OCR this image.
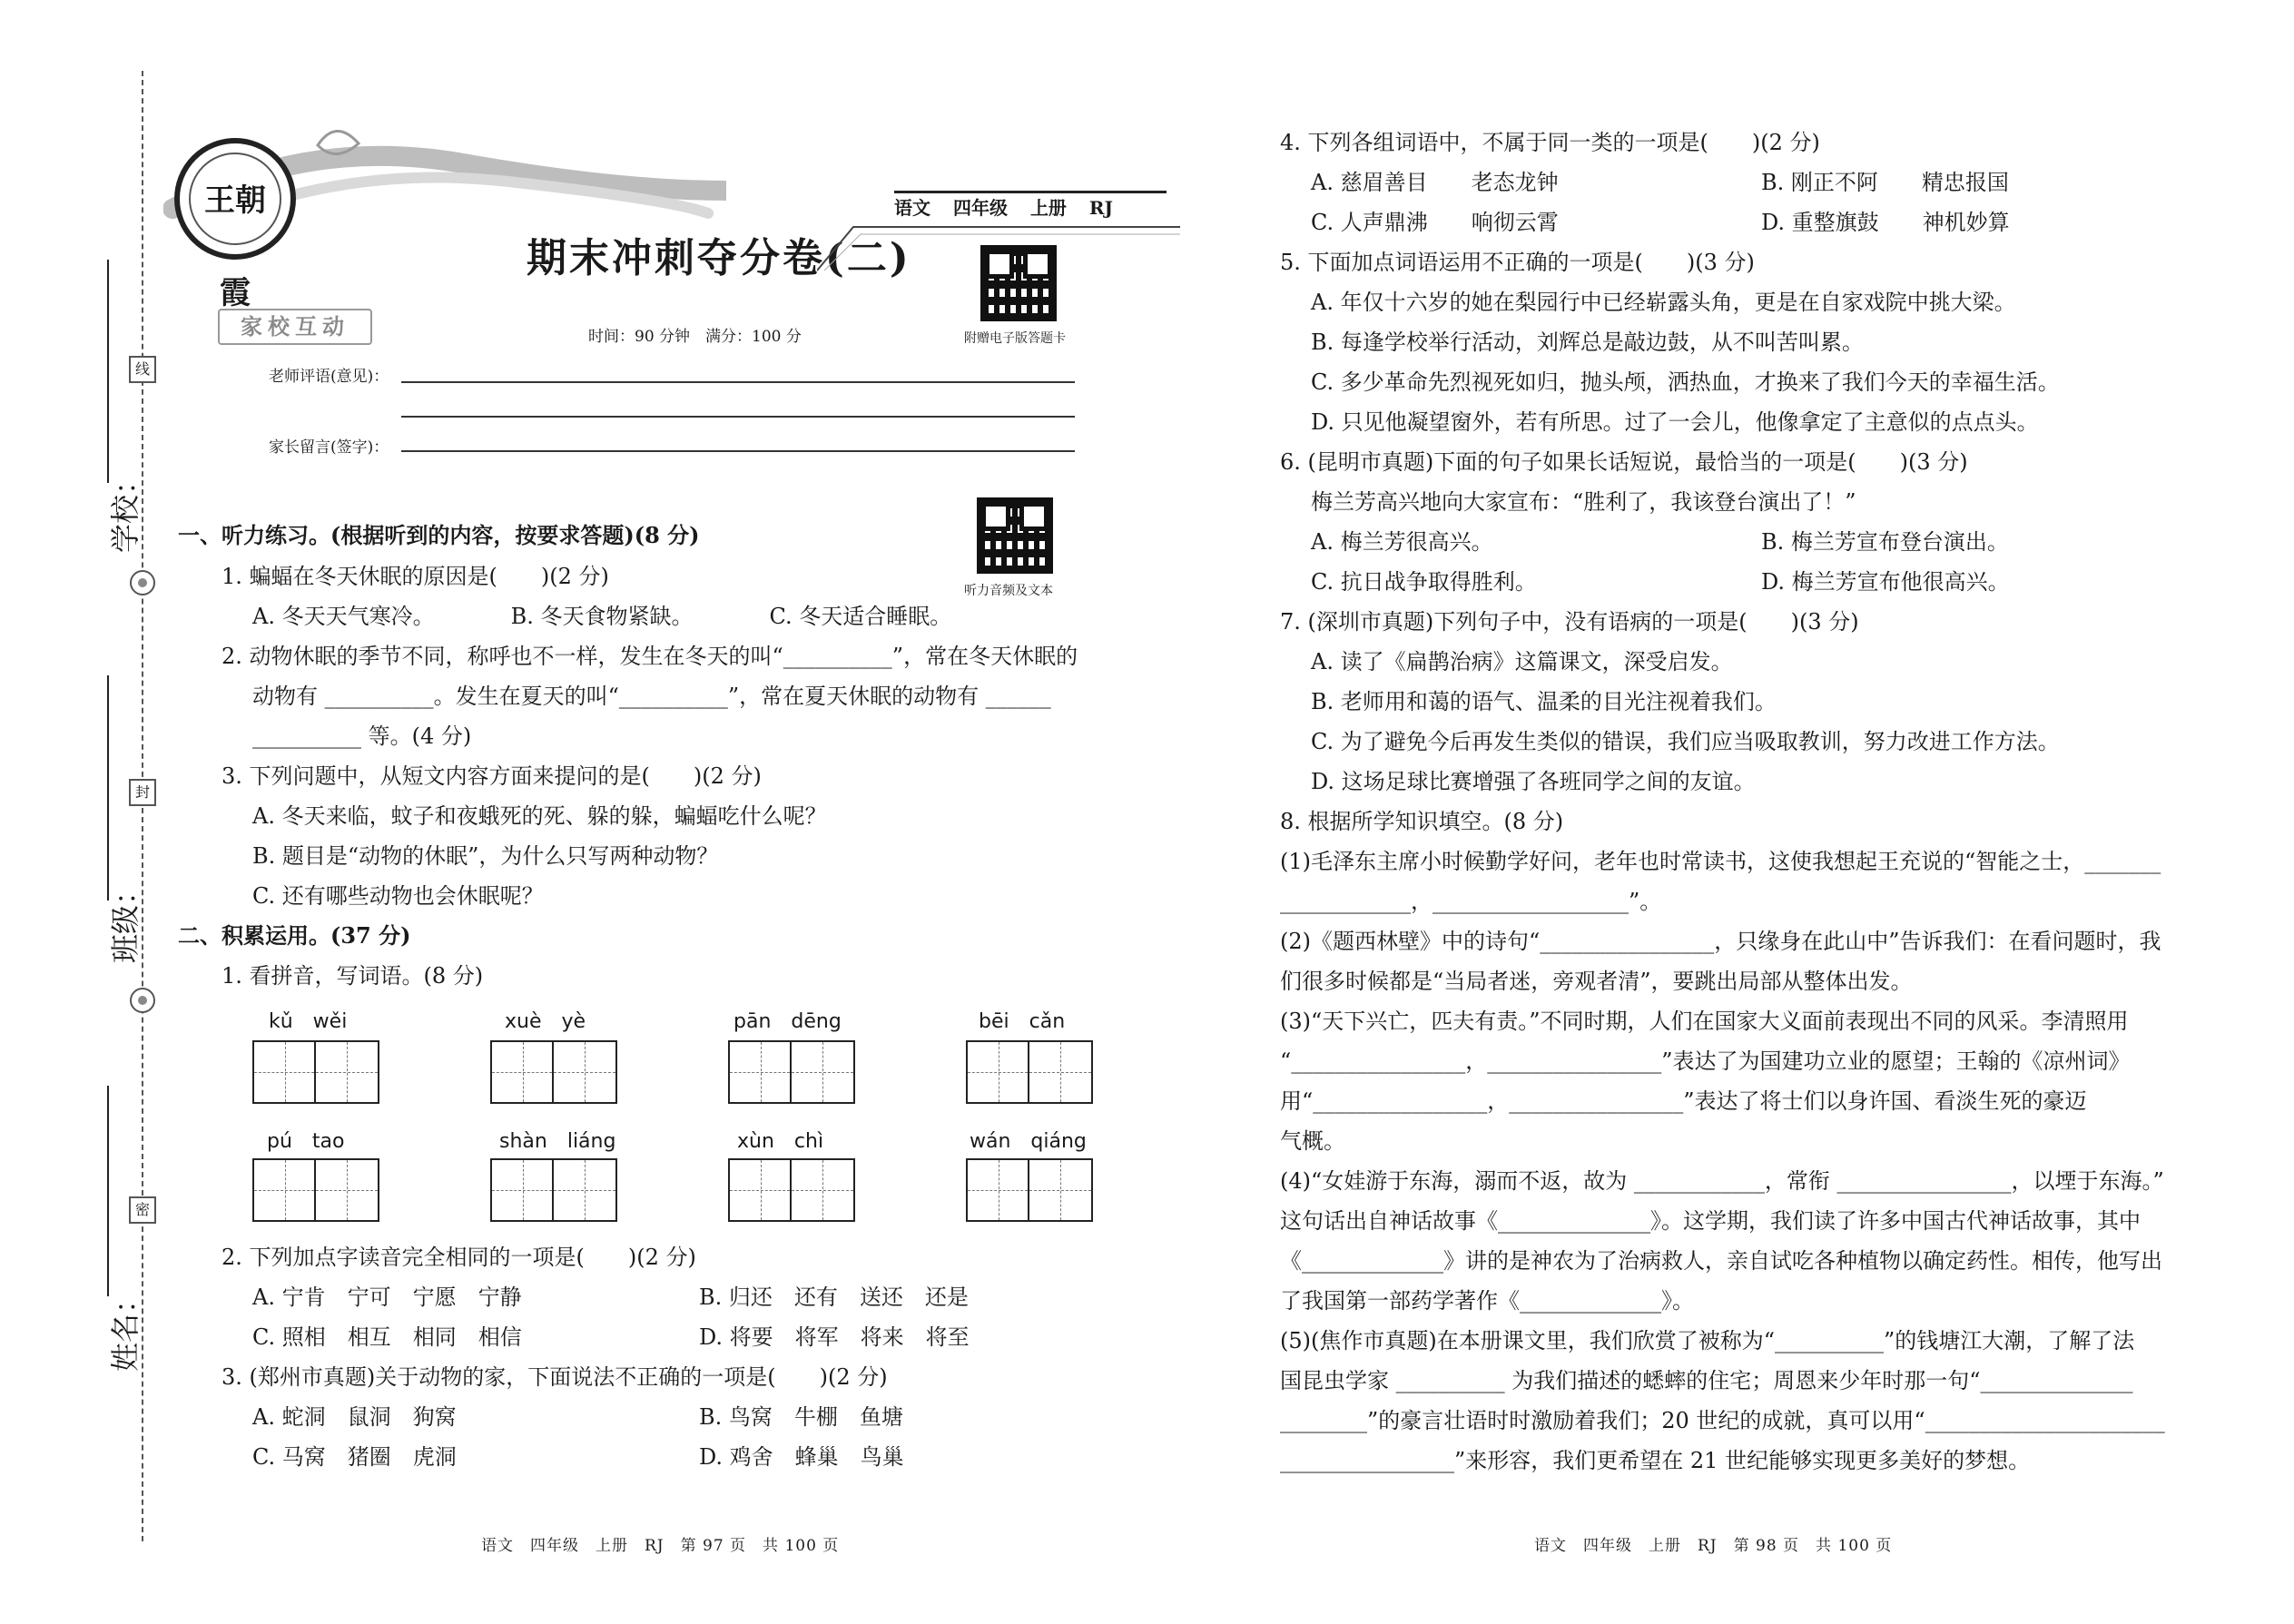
线
封
密
学校：
班级：
姓名：
王朝霞
语文 四年级 上册 RJ
期末冲刺夺分卷(二)
附赠电子版答题卡
听力音频及文本
家校互动	时间：90 分钟　满分：100 分
老师评语(意见)：
家长留言(签字)：
一、听力练习。(根据听到的内容，按要求答题)(8 分)
1. 蝙蝠在冬天休眠的原因是(　　)(2 分)
A. 冬天天气寒冷。　　　　B. 冬天食物紧缺。　　　　C. 冬天适合睡眠。
2. 动物休眠的季节不同，称呼也不一样，发生在冬天的叫“__________”，常在冬天休眠的
动物有 __________。发生在夏天的叫“__________”，常在夏天休眠的动物有 ______
__________ 等。(4 分)
3. 下列问题中，从短文内容方面来提问的是(　　)(2 分)
A. 冬天来临，蚊子和夜蛾死的死、躲的躲，蝙蝠吃什么呢？
B. 题目是“动物的休眠”，为什么只写两种动物？
C. 还有哪些动物也会休眠呢？
二、积累运用。(37 分)
1. 看拼音，写词语。(8 分)
kǔ　wěi	xuè　yè	pān　dēng	bēi　cǎn
pú　tao	shàn　liáng	xùn　chì	wán　qiáng
2. 下列加点字读音完全相同的一项是(　　)(2 分)
A. 宁肯　宁可　宁愿　宁静	B. 归还　还有　送还　还是
C. 照相　相互　相同　相信	D. 将要　将军　将来　将至
3. (郑州市真题)关于动物的家，下面说法不正确的一项是(　　)(2 分)
A. 蛇洞　鼠洞　狗窝	B. 鸟窝　牛棚　鱼塘
C. 马窝　猪圈　虎洞	D. 鸡舍　蜂巢　鸟巢
语文　四年级　上册　RJ　第 97 页　共 100 页
4. 下列各组词语中，不属于同一类的一项是(　　)(2 分)
A. 慈眉善目　　老态龙钟	B. 刚正不阿　　精忠报国
C. 人声鼎沸　　响彻云霄	D. 重整旗鼓　　神机妙算
5. 下面加点词语运用不正确的一项是(　　)(3 分)
A. 年仅十六岁的她在梨园行中已经崭露头角，更是在自家戏院中挑大梁。
B. 每逢学校举行活动，刘辉总是敲边鼓，从不叫苦叫累。
C. 多少革命先烈视死如归，抛头颅，洒热血，才换来了我们今天的幸福生活。
D. 只见他凝望窗外，若有所思。过了一会儿，他像拿定了主意似的点点头。
6. (昆明市真题)下面的句子如果长话短说，最恰当的一项是(　　)(3 分)
梅兰芳高兴地向大家宣布：“胜利了，我该登台演出了！”
A. 梅兰芳很高兴。	B. 梅兰芳宣布登台演出。
C. 抗日战争取得胜利。	D. 梅兰芳宣布他很高兴。
7. (深圳市真题)下列句子中，没有语病的一项是(　　)(3 分)
A. 读了《扁鹊治病》这篇课文，深受启发。
B. 老师用和蔼的语气、温柔的目光注视着我们。
C. 为了避免今后再发生类似的错误，我们应当吸取教训，努力改进工作方法。
D. 这场足球比赛增强了各班同学之间的友谊。
8. 根据所学知识填空。(8 分)
(1)毛泽东主席小时候勤学好问，老年也时常读书，这使我想起王充说的“智能之士，_______
____________，__________________”。
(2)《题西林壁》中的诗句“________________，只缘身在此山中”告诉我们：在看问题时，我
们很多时候都是“当局者迷，旁观者清”，要跳出局部从整体出发。
(3)“天下兴亡，匹夫有责。”不同时期，人们在国家大义面前表现出不同的风采。李清照用
“________________，________________”表达了为国建功立业的愿望；王翰的《凉州词》
用“________________，________________”表达了将士们以身许国、看淡生死的豪迈
气概。
(4)“女娃游于东海，溺而不返，故为 ____________，常衔 ________________，以堙于东海。”
这句话出自神话故事《______________》。这学期，我们读了许多中国古代神话故事，其中
《_____________》讲的是神农为了治病救人，亲自试吃各种植物以确定药性。相传，他写出
了我国第一部药学著作《_____________》。
(5)(焦作市真题)在本册课文里，我们欣赏了被称为“__________”的钱塘江大潮，了解了法
国昆虫学家 __________ 为我们描述的蟋蟀的住宅；周恩来少年时那一句“______________
________”的豪言壮语时时激励着我们；20 世纪的成就，真可以用“______________________
________________”来形容，我们更希望在 21 世纪能够实现更多美好的梦想。
语文　四年级　上册　RJ　第 98 页　共 100 页
